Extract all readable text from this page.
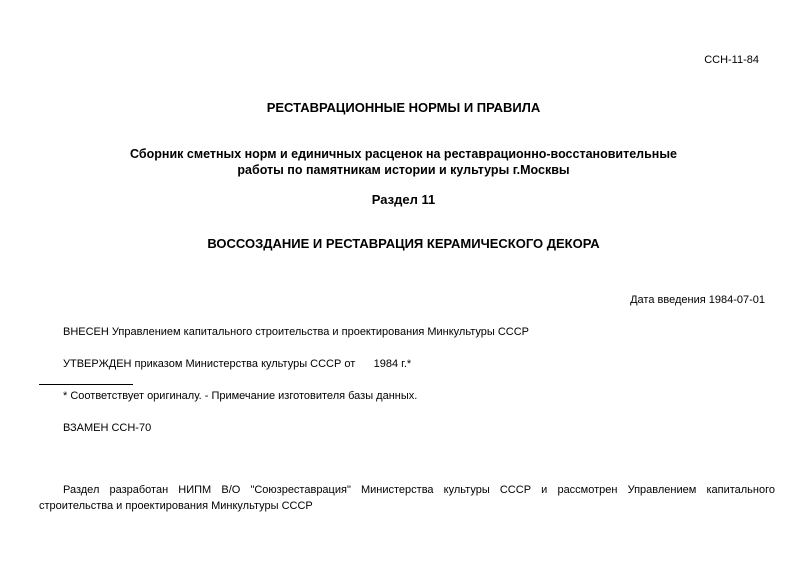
ССН-11-84
РЕСТАВРАЦИОННЫЕ НОРМЫ И ПРАВИЛА
Сборник сметных норм и единичных расценок на реставрационно-восстановительные
работы по памятникам истории и культуры г.Москвы
Раздел 11
ВОССОЗДАНИЕ И РЕСТАВРАЦИЯ КЕРАМИЧЕСКОГО ДЕКОРА
Дата введения 1984-07-01
ВНЕСЕН Управлением капитального строительства и проектирования Минкультуры СССР
УТВЕРЖДЕН приказом Министерства культуры СССР от      1984 г.*
* Соответствует оригиналу. - Примечание изготовителя базы данных.
ВЗАМЕН ССН-70
Раздел разработан НИПМ В/О "Союзреставрация" Министерства культуры СССР и рассмотрен Управлением капитального
строительства и проектирования Минкультуры СССР
